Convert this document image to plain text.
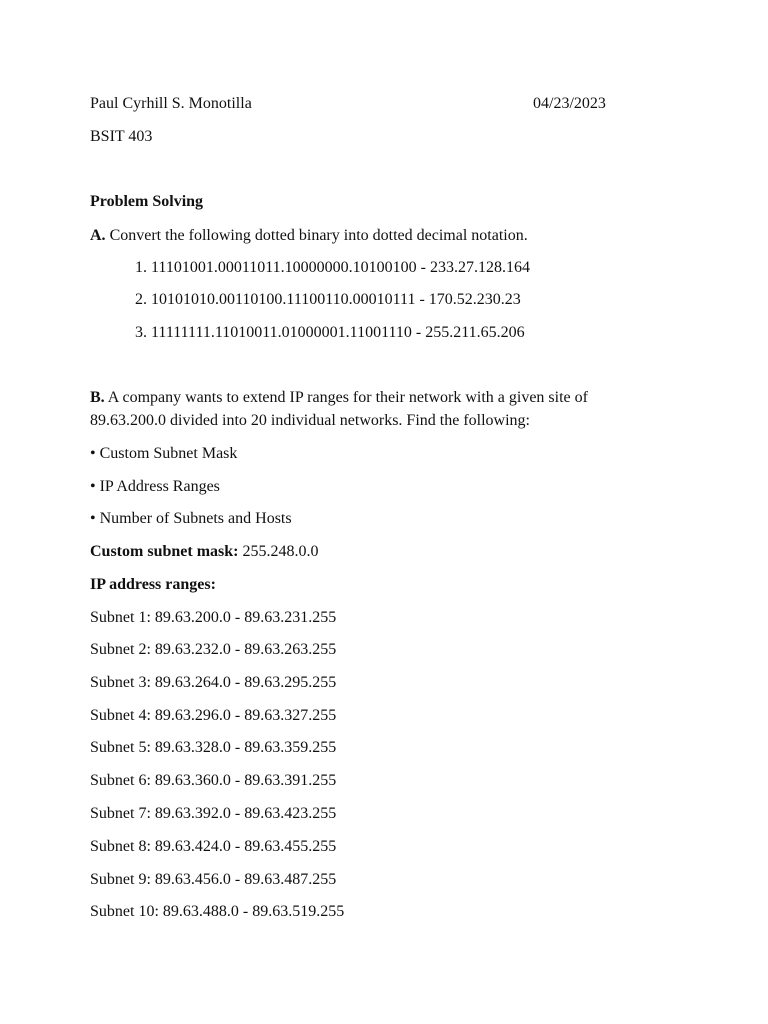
Paul Cyrhill S. Monotilla	04/23/2023
BSIT 403
Problem Solving
A. Convert the following dotted binary into dotted decimal notation.
1. 11101001.00011011.10000000.10100100 - 233.27.128.164
2. 10101010.00110100.11100110.00010111 - 170.52.230.23
3. 11111111.11010011.01000001.11001110 - 255.211.65.206
B. A company wants to extend IP ranges for their network with a given site of
89.63.200.0 divided into 20 individual networks. Find the following:
• Custom Subnet Mask
• IP Address Ranges
• Number of Subnets and Hosts
Custom subnet mask: 255.248.0.0
IP address ranges:
Subnet 1: 89.63.200.0 - 89.63.231.255
Subnet 2: 89.63.232.0 - 89.63.263.255
Subnet 3: 89.63.264.0 - 89.63.295.255
Subnet 4: 89.63.296.0 - 89.63.327.255
Subnet 5: 89.63.328.0 - 89.63.359.255
Subnet 6: 89.63.360.0 - 89.63.391.255
Subnet 7: 89.63.392.0 - 89.63.423.255
Subnet 8: 89.63.424.0 - 89.63.455.255
Subnet 9: 89.63.456.0 - 89.63.487.255
Subnet 10: 89.63.488.0 - 89.63.519.255
